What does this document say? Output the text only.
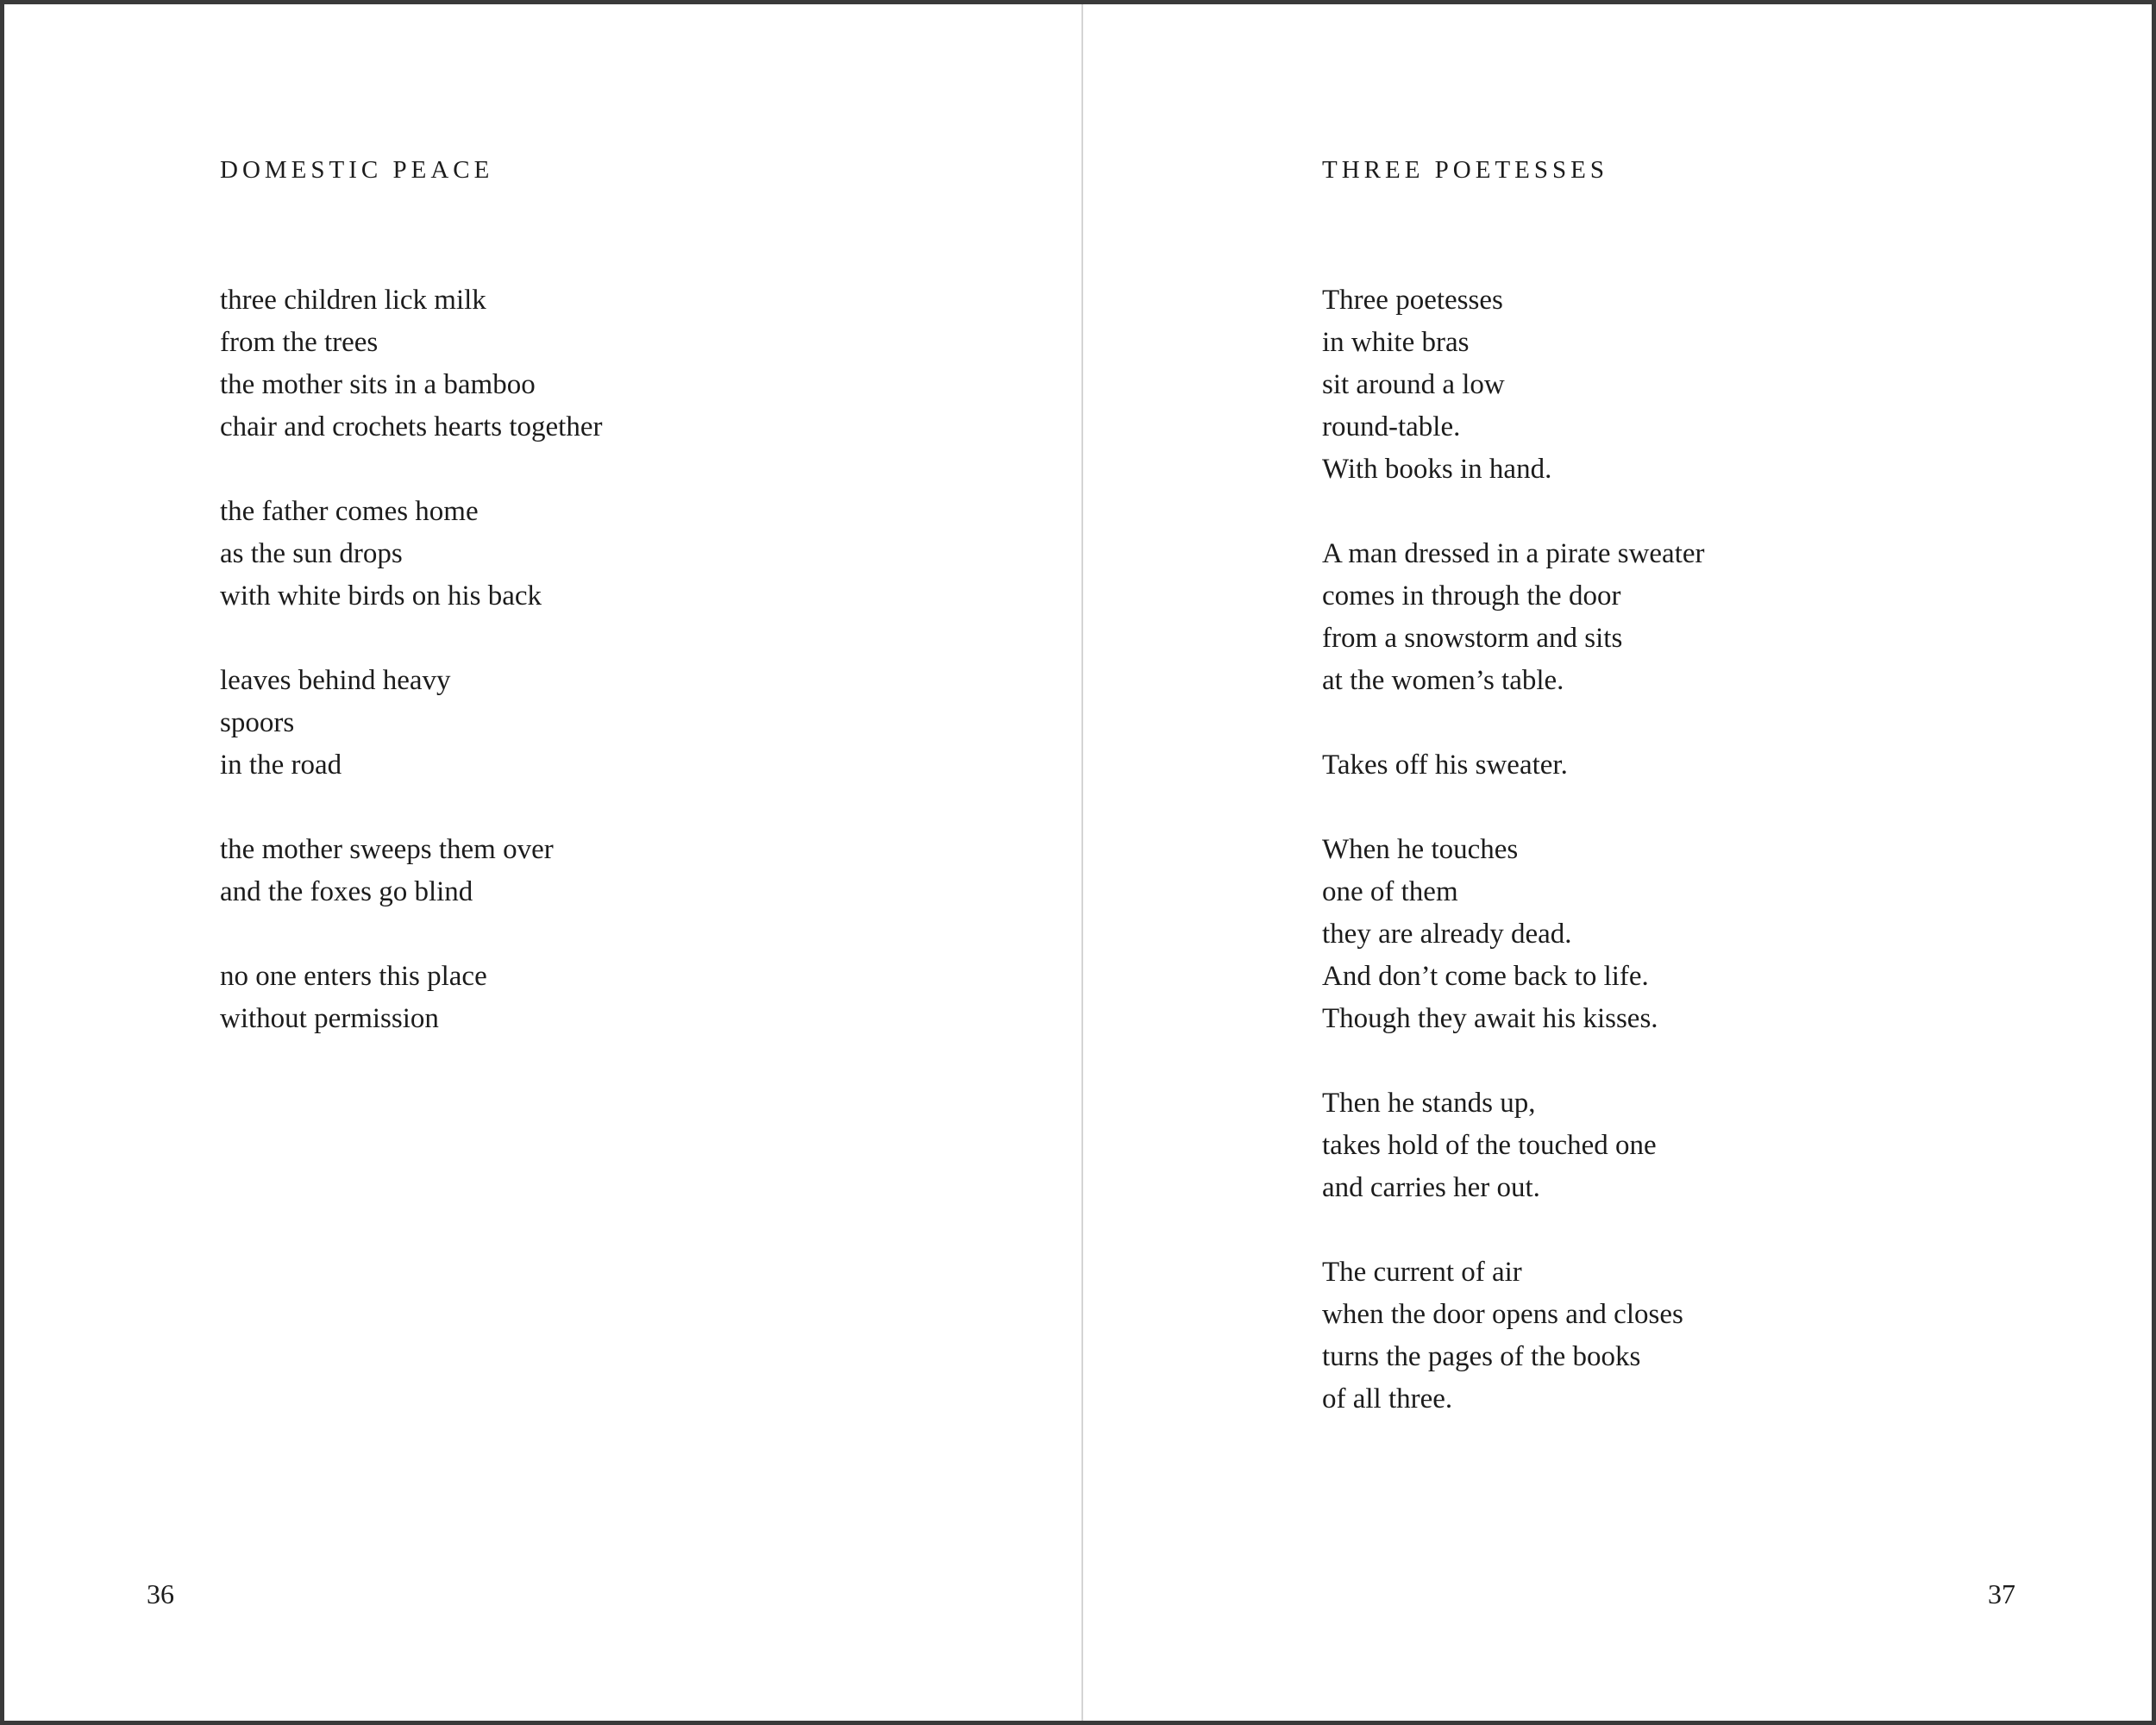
DOMESTIC PEACE

three children lick milk
from the trees
the mother sits in a bamboo
chair and crochets hearts together

the father comes home
as the sun drops
with white birds on his back

leaves behind heavy
spoors
in the road

the mother sweeps them over
and the foxes go blind

no one enters this place
without permission

36
THREE POETESSES

Three poetesses
in white bras
sit around a low
round-table.
With books in hand.

A man dressed in a pirate sweater
comes in through the door
from a snowstorm and sits
at the women’s table.

Takes off his sweater.

When he touches
one of them
they are already dead.
And don’t come back to life.
Though they await his kisses.

Then he stands up,
takes hold of the touched one
and carries her out.

The current of air
when the door opens and closes
turns the pages of the books
of all three.

37
